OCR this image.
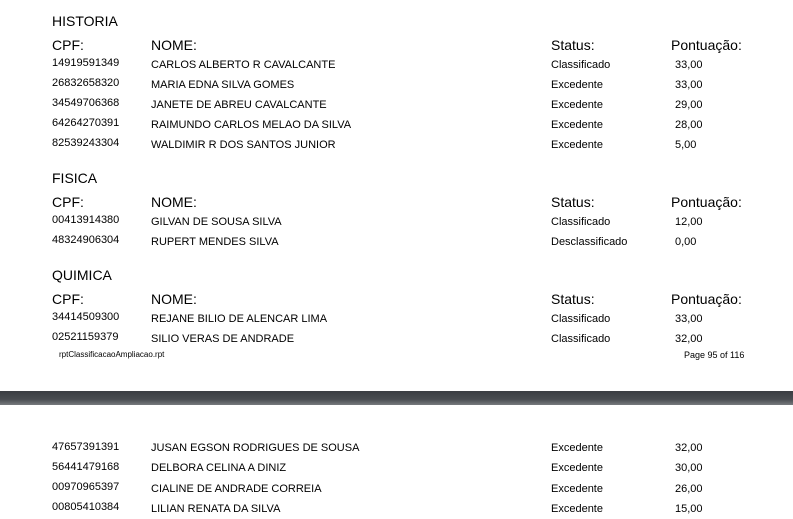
HISTORIA
CPF:	NOME:	Status:	Pontuação:
14919591349	CARLOS ALBERTO R CAVALCANTE	Classificado	33,00
26832658320	MARIA EDNA SILVA GOMES	Excedente	33,00
34549706368	JANETE DE ABREU CAVALCANTE	Excedente	29,00
64264270391	RAIMUNDO CARLOS MELAO DA SILVA	Excedente	28,00
82539243304	WALDIMIR R DOS SANTOS JUNIOR	Excedente	5,00
FISICA
CPF:	NOME:	Status:	Pontuação:
00413914380	GILVAN DE SOUSA SILVA	Classificado	12,00
48324906304	RUPERT MENDES SILVA	Desclassificado	0,00
QUIMICA
CPF:	NOME:	Status:	Pontuação:
34414509300	REJANE BILIO DE ALENCAR LIMA	Classificado	33,00
02521159379	SILIO VERAS DE ANDRADE	Classificado	32,00
rptClassificacaoAmpliacao.rpt	Page 95 of 116
47657391391	JUSAN EGSON RODRIGUES DE SOUSA	Excedente	32,00
56441479168	DELBORA CELINA A DINIZ	Excedente	30,00
00970965397	CIALINE DE ANDRADE CORREIA	Excedente	26,00
00805410384	LILIAN RENATA DA SILVA	Excedente	15,00
